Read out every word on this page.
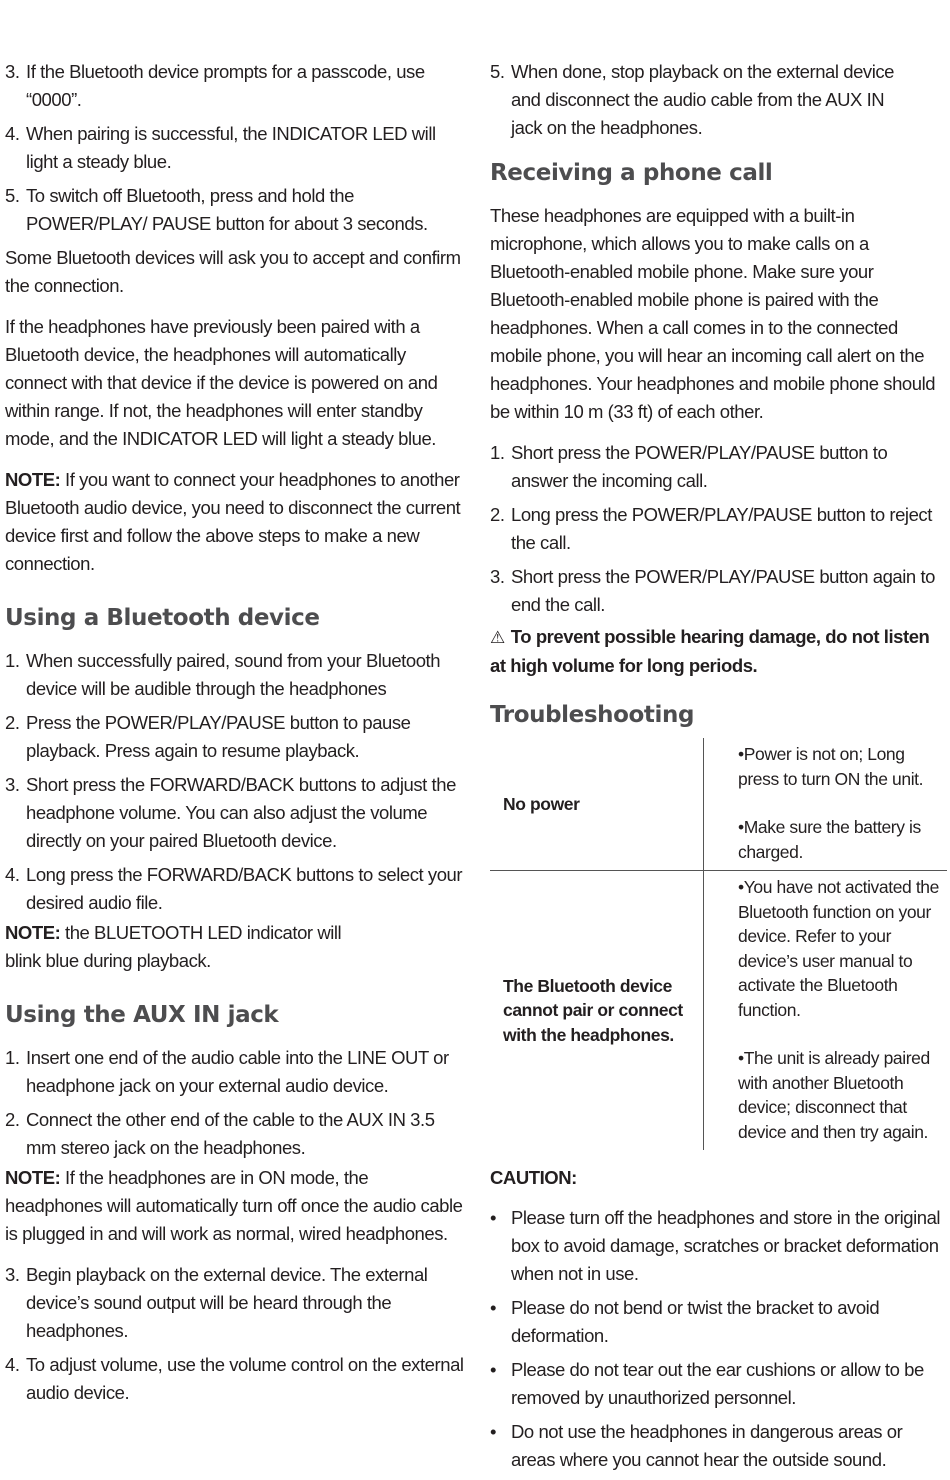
3. If the Bluetooth device prompts for a passcode, use “0000”.
4. When pairing is successful, the INDICATOR LED will light a steady blue.
5. To switch off Bluetooth, press and hold the POWER/PLAY/ PAUSE button for about 3 seconds.

Some Bluetooth devices will ask you to accept and confirm the connection.

If the headphones have previously been paired with a Bluetooth device, the headphones will automatically connect with that device if the device is powered on and within range. If not, the headphones will enter standby mode, and the INDICATOR LED will light a steady blue.

NOTE: If you want to connect your headphones to another Bluetooth audio device, you need to disconnect the current device first and follow the above steps to make a new connection.

Using a Bluetooth device
1. When successfully paired, sound from your Bluetooth device will be audible through the headphones
2. Press the POWER/PLAY/PAUSE button to pause playback. Press again to resume playback.
3. Short press the FORWARD/BACK buttons to adjust the headphone volume. You can also adjust the volume directly on your paired Bluetooth device.
4. Long press the FORWARD/BACK buttons to select your desired audio file.

NOTE: the BLUETOOTH LED indicator will blink blue during playback.

Using the AUX IN jack
1. Insert one end of the audio cable into the LINE OUT or headphone jack on your external audio device.
2. Connect the other end of the cable to the AUX IN 3.5 mm stereo jack on the headphones.

NOTE: If the headphones are in ON mode, the headphones will automatically turn off once the audio cable is plugged in and will work as normal, wired headphones.

3. Begin playback on the external device. The external device’s sound output will be heard through the headphones.
4. To adjust volume, use the volume control on the external audio device.
5. When done, stop playback on the external device and disconnect the audio cable from the AUX IN jack on the headphones.
Receiving a phone call

These headphones are equipped with a built-in microphone, which allows you to make calls on a Bluetooth-enabled mobile phone. Make sure your Bluetooth-enabled mobile phone is paired with the headphones. When a call comes in to the connected mobile phone, you will hear an incoming call alert on the headphones. Your headphones and mobile phone should be within 10 m (33 ft) of each other.

1. Short press the POWER/PLAY/PAUSE button to answer the incoming call.
2. Long press the POWER/PLAY/PAUSE button to reject the call.
3. Short press the POWER/PLAY/PAUSE button again to end the call.

⚠ To prevent possible hearing damage, do not listen at high volume for long periods.

Troubleshooting
No power	•Power is not on; Long press to turn ON the unit.
•Make sure the battery is charged.

The Bluetooth device cannot pair or connect with the headphones.	•You have not activated the Bluetooth function on your device. Refer to your device’s user manual to activate the Bluetooth function.
•The unit is already paired with another Bluetooth device; disconnect that device and then try again.
CAUTION:
• Please turn off the headphones and store in the original box to avoid damage, scratches or bracket deformation when not in use.
• Please do not bend or twist the bracket to avoid deformation.
• Please do not tear out the ear cushions or allow to be removed by unauthorized personnel.
• Do not use the headphones in dangerous areas or areas where you cannot hear the outside sound.
